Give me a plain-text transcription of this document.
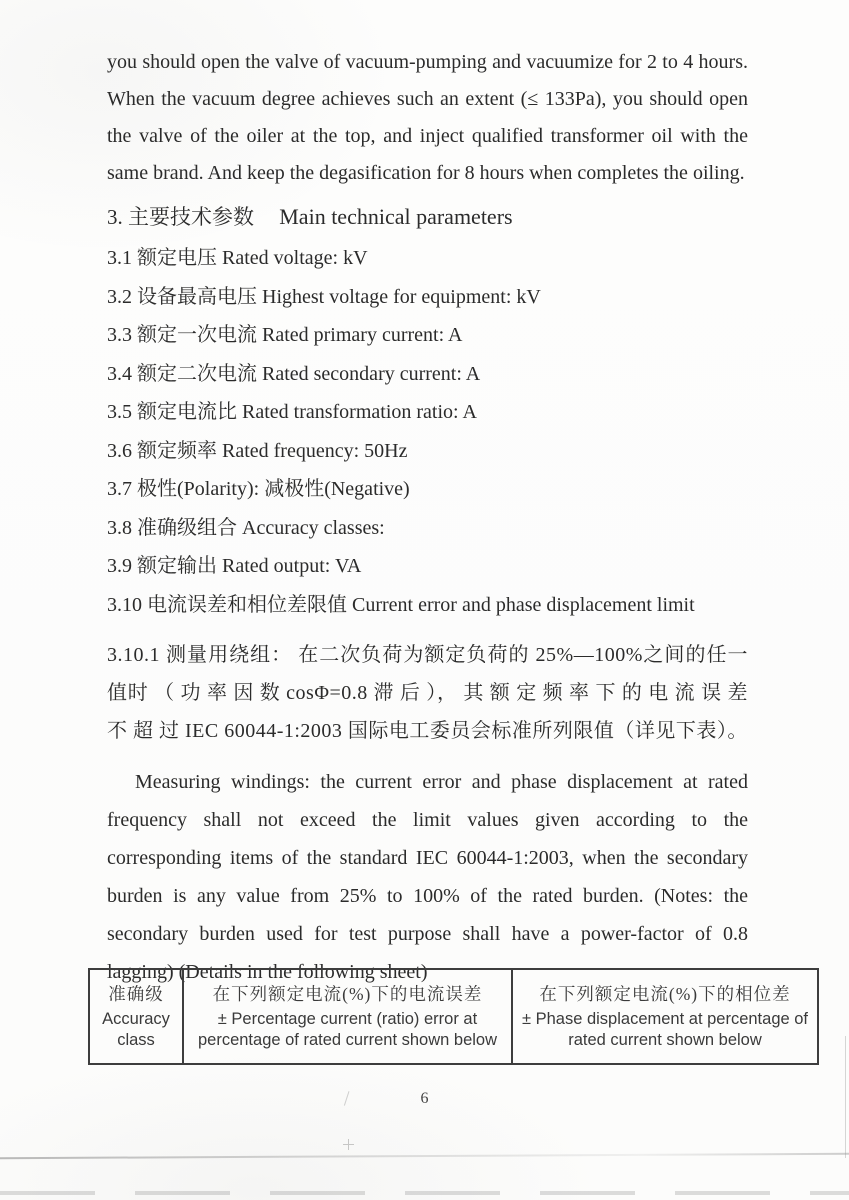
you should open the valve of vacuum-pumping and vacuumize for 2 to 4 hours. When the vacuum degree achieves such an extent (≤ 133Pa), you should open the valve of the oiler at the top, and inject qualified transformer oil with the same brand. And keep the degasification for 8 hours when completes the oiling.

3. 主要技术参数 Main technical parameters
3.1 额定电压 Rated voltage: kV
3.2 设备最高电压 Highest voltage for equipment: kV
3.3 额定一次电流 Rated primary current: A
3.4 额定二次电流 Rated secondary current: A
3.5 额定电流比 Rated transformation ratio: A
3.6 额定频率 Rated frequency: 50Hz
3.7 极性(Polarity): 减极性(Negative)
3.8 准确级组合 Accuracy classes:
3.9 额定输出 Rated output: VA
3.10 电流误差和相位差限值 Current error and phase displacement limit

3.10.1 测量用绕组： 在二次负荷为额定负荷的 25%—100%之间的任一值时 （ 功 率 因 数 cosΦ=0.8 滞 后 ）， 其 额 定 频 率 下 的 电 流 误 差 不 超 过 IEC 60044-1:2003 国际电工委员会标准所列限值（详见下表）。

Measuring windings: the current error and phase displacement at rated frequency shall not exceed the limit values given according to the corresponding items of the standard IEC 60044-1:2003, when the secondary burden is any value from 25% to 100% of the rated burden. (Notes: the secondary burden used for test purpose shall have a power-factor of 0.8 lagging) (Details in the following sheet)

准确级
Accuracy class

在下列额定电流(%)下的电流误差
± Percentage current (ratio) error at percentage of rated current shown below

在下列额定电流(%)下的相位差
± Phase displacement at percentage of rated current shown below
6
